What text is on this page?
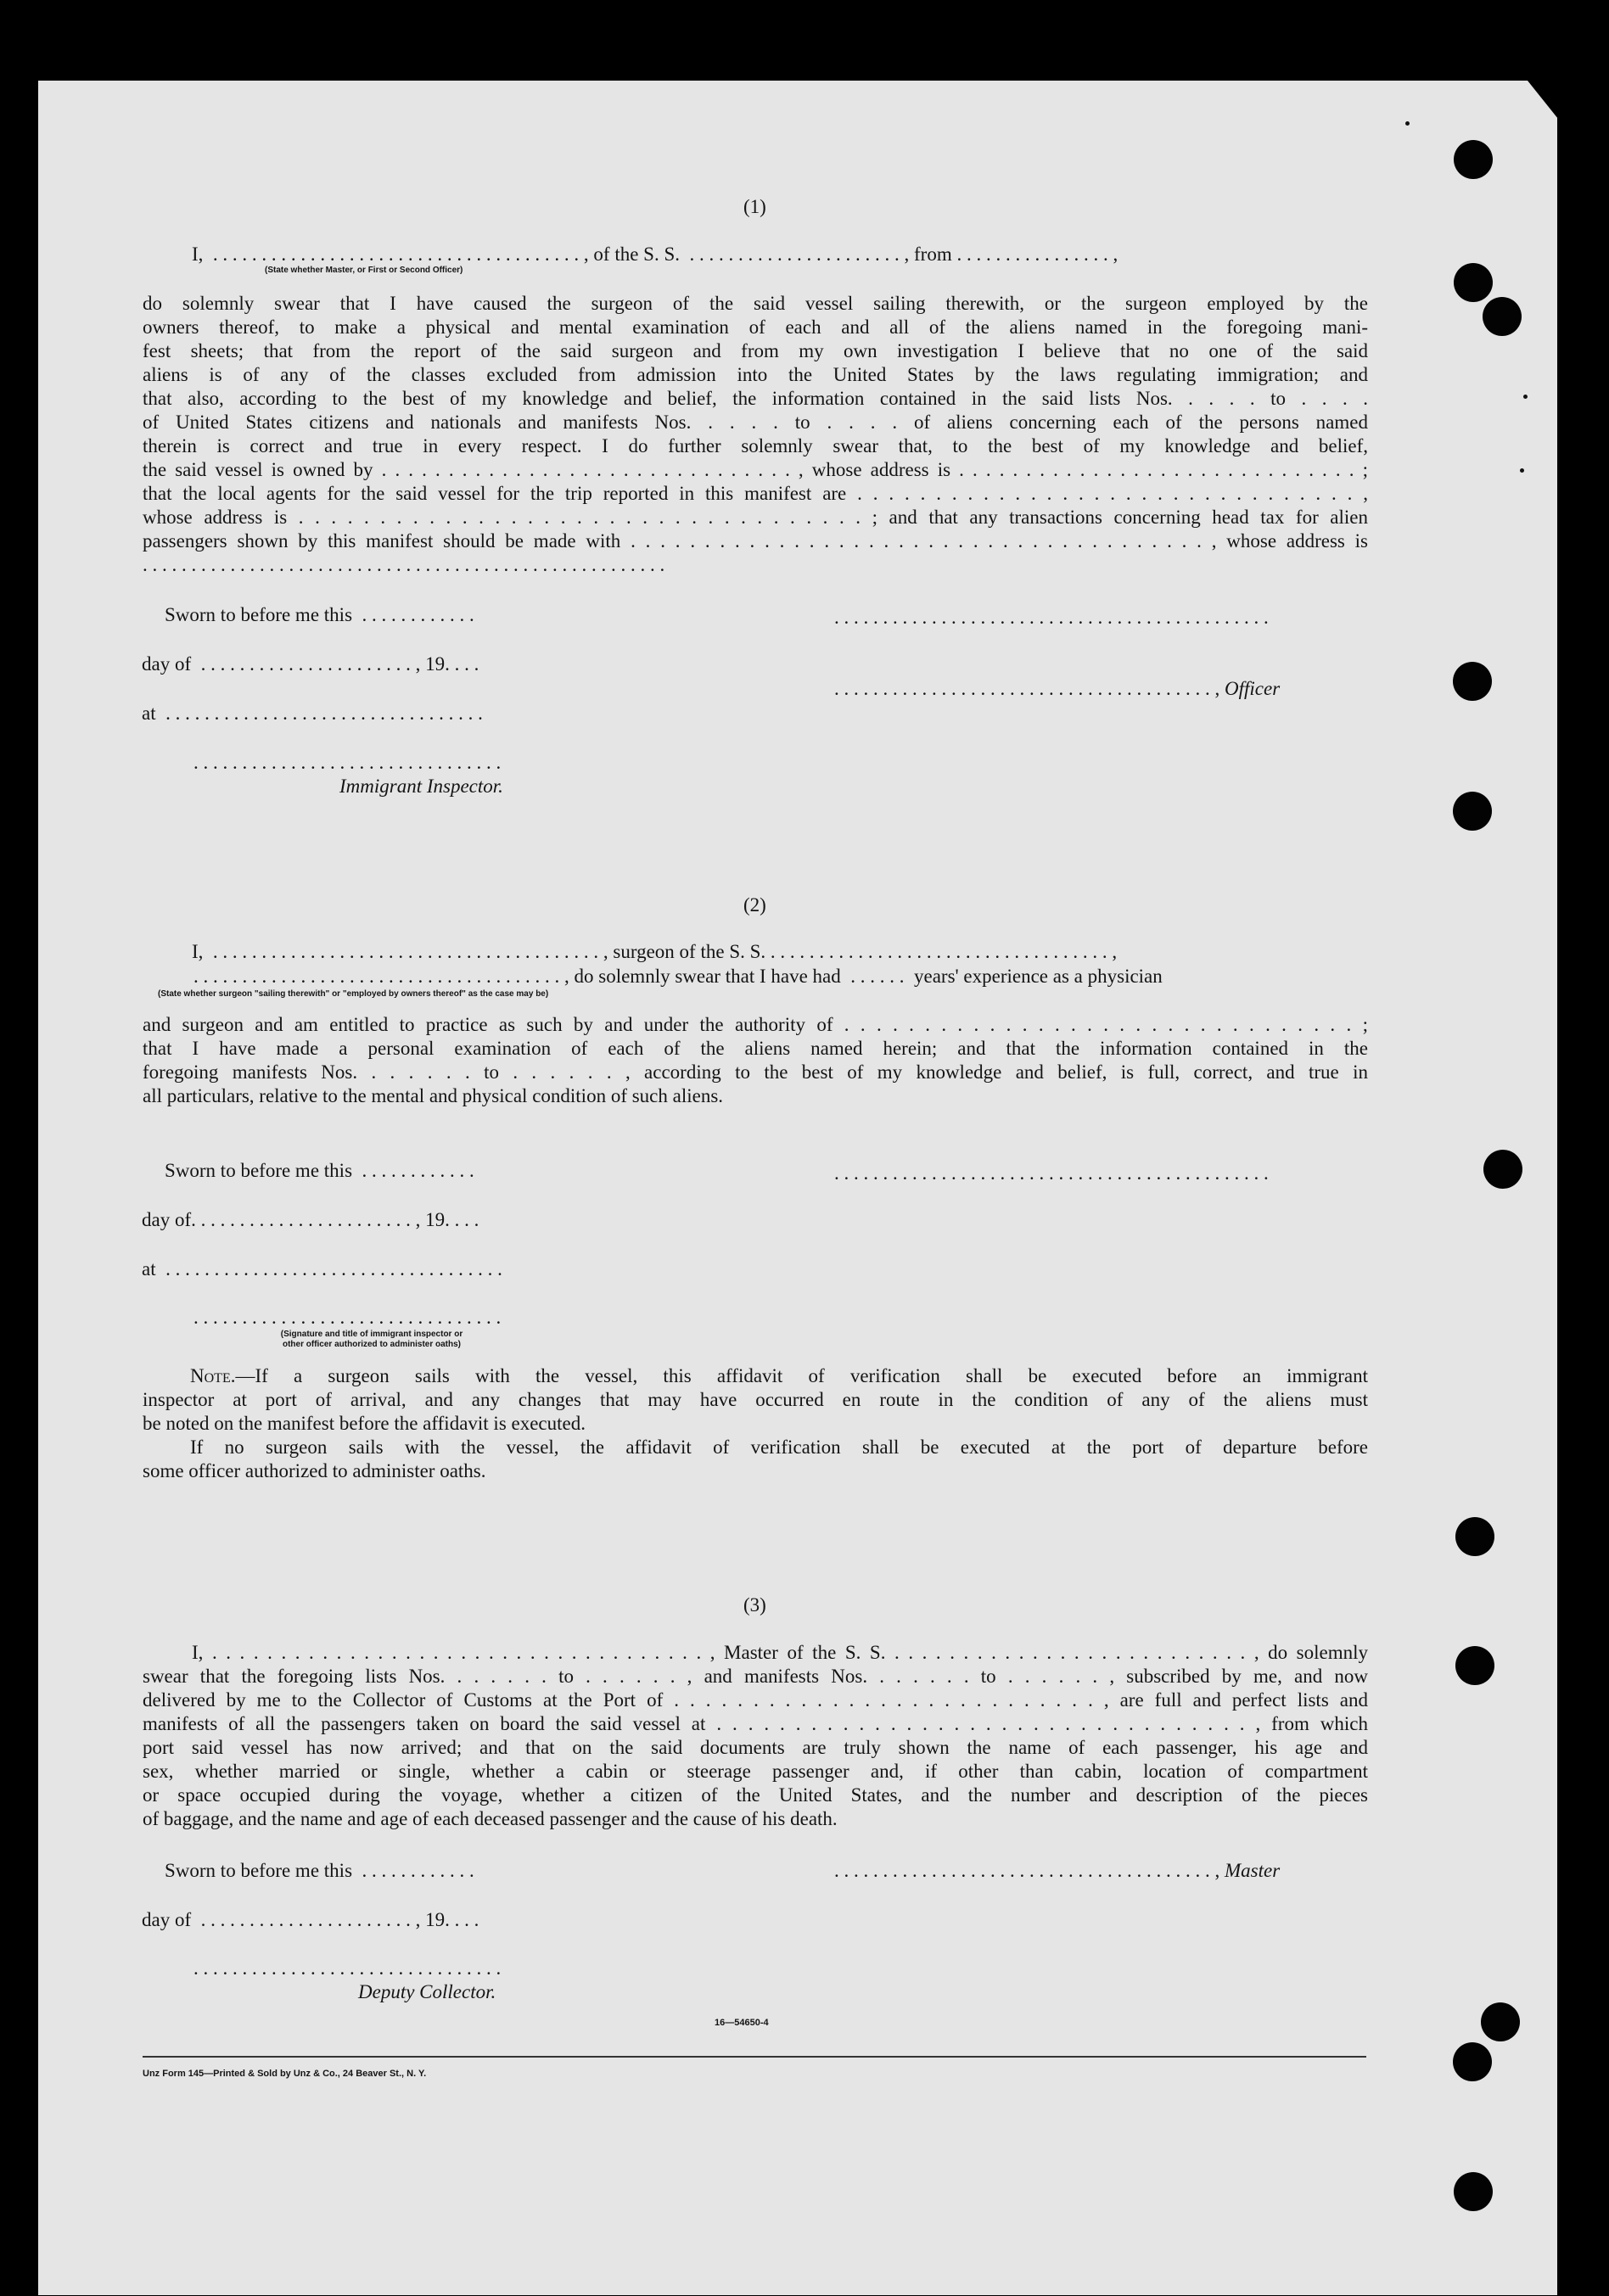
(1)
I,  . . . . . . . . . . . . . . . . . . . . . . . . . . . . . . . . . . . . . . , of the S. S.  . . . . . . . . . . . . . . . . . . . . . . , from . . . . . . . . . . . . . . . . ,
(State whether Master, or First or Second Officer)
do solemnly swear that I have caused the surgeon of the said vessel sailing therewith, or the surgeon employed by the
owners thereof, to make a physical and mental examination of each and all of the aliens named in the foregoing mani-
fest sheets; that from the report of the said surgeon and from my own investigation I believe that no one of the said
aliens is of any of the classes excluded from admission into the United States by the laws regulating immigration; and
that also, according to the best of my knowledge and belief, the information contained in the said lists Nos. . . . . to . . . .
of United States citizens and nationals and manifests Nos. . . . . to . . . . of aliens concerning each of the persons named
therein is correct and true in every respect. I do further solemnly swear that, to the best of my knowledge and belief,
the said vessel is owned by . . . . . . . . . . . . . . . . . . . . . . . . . . . . . . . , whose address is . . . . . . . . . . . . . . . . . . . . . . . . . . . . . . ;
that the local agents for the said vessel for the trip reported in this manifest are . . . . . . . . . . . . . . . . . . . . . . . . . . . . . . . . ,
whose address is . . . . . . . . . . . . . . . . . . . . . . . . . . . . . . . . . . . ; and that any transactions concerning head tax for alien
passengers shown by this manifest should be made with . . . . . . . . . . . . . . . . . . . . . . . . . . . . . . . . . . . . . . . , whose address is
. . . . . . . . . . . . . . . . . . . . . . . . . . . . . . . . . . . . . . . . . . . . . . . . . . . . . .
Sworn to before me this  . . . . . . . . . . . .
day of  . . . . . . . . . . . . . . . . . . . . . . , 19. . . .
at  . . . . . . . . . . . . . . . . . . . . . . . . . . . . . . . . .
. . . . . . . . . . . . . . . . . . . . . . . . . . . . . . . .
Immigrant Inspector.
. . . . . . . . . . . . . . . . . . . . . . . . . . . . . . . . . . . . . . . . . . . . .
. . . . . . . . . . . . . . . . . . . . . . . . . . . . . . . . . . . . . . . , Officer
(2)
I,  . . . . . . . . . . . . . . . . . . . . . . . . . . . . . . . . . . . . . . . . , surgeon of the S. S. . . . . . . . . . . . . . . . . . . . . . . . . . . . . . . . . . . . ,
. . . . . . . . . . . . . . . . . . . . . . . . . . . . . . . . . . . . . . , do solemnly swear that I have had  . . . . . .  years' experience as a physician
(State whether surgeon "sailing therewith" or "employed by owners thereof" as the case may be)
and surgeon and am entitled to practice as such by and under the authority of . . . . . . . . . . . . . . . . . . . . . . . . . . . . . . . . ;
that I have made a personal examination of each of the aliens named herein; and that the information contained in the
foregoing manifests Nos. . . . . . . to . . . . . . , according to the best of my knowledge and belief, is full, correct, and true in
all particulars, relative to the mental and physical condition of such aliens.
Sworn to before me this  . . . . . . . . . . . .
day of. . . . . . . . . . . . . . . . . . . . . . . , 19. . . .
at  . . . . . . . . . . . . . . . . . . . . . . . . . . . . . . . . . . .
. . . . . . . . . . . . . . . . . . . . . . . . . . . . . . . .
(Signature and title of immigrant inspector or
other officer authorized to administer oaths)
. . . . . . . . . . . . . . . . . . . . . . . . . . . . . . . . . . . . . . . . . . . . .
Note.—If a surgeon sails with the vessel, this affidavit of verification shall be executed before an immigrant
inspector at port of arrival, and any changes that may have occurred en route in the condition of any of the aliens must
be noted on the manifest before the affidavit is executed.
If no surgeon sails with the vessel, the affidavit of verification shall be executed at the port of departure before
some officer authorized to administer oaths.
(3)
I, . . . . . . . . . . . . . . . . . . . . . . . . . . . . . . . . . . . . , Master of the S. S. . . . . . . . . . . . . . . . . . . . . . . . . . . , do solemnly
swear that the foregoing lists Nos. . . . . . . to . . . . . . , and manifests Nos. . . . . . . to . . . . . . , subscribed by me, and now
delivered by me to the Collector of Customs at the Port of . . . . . . . . . . . . . . . . . . . . . . . . . . . , are full and perfect lists and
manifests of all the passengers taken on board the said vessel at . . . . . . . . . . . . . . . . . . . . . . . . . . . . . . . . . . , from which
port said vessel has now arrived; and that on the said documents are truly shown the name of each passenger, his age and
sex, whether married or single, whether a cabin or steerage passenger and, if other than cabin, location of compartment
or space occupied during the voyage, whether a citizen of the United States, and the number and description of the pieces
of baggage, and the name and age of each deceased passenger and the cause of his death.
Sworn to before me this  . . . . . . . . . . . .
day of  . . . . . . . . . . . . . . . . . . . . . . , 19. . . .
. . . . . . . . . . . . . . . . . . . . . . . . . . . . . . . .
Deputy Collector.
. . . . . . . . . . . . . . . . . . . . . . . . . . . . . . . . . . . . . . . , Master
16—54650-4
Unz Form 145—Printed & Sold by Unz & Co., 24 Beaver St., N. Y.
